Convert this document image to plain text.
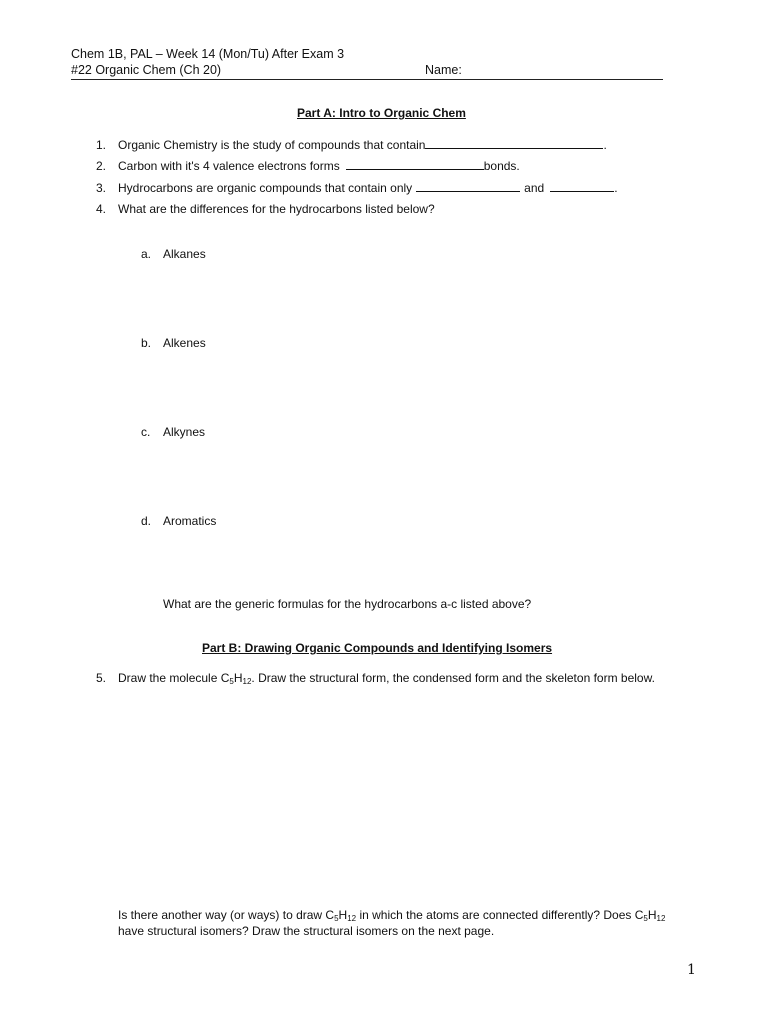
Chem 1B, PAL – Week 14 (Mon/Tu) After Exam 3
#22 Organic Chem (Ch 20)	Name:
Part A: Intro to Organic Chem
1. Organic Chemistry is the study of compounds that contain	.
2. Carbon with it's 4 valence electrons forms	bonds.
3. Hydrocarbons are organic compounds that contain only	and	.
4. What are the differences for the hydrocarbons listed below?
a. Alkanes
b. Alkenes
c. Alkynes
d. Aromatics
What are the generic formulas for the hydrocarbons a-c listed above?
Part B: Drawing Organic Compounds and Identifying Isomers
5. Draw the molecule $C_5H_{12}$. Draw the structural form, the condensed form and the skeleton form below.
Is there another way (or ways) to draw $C_5H_{12}$ in which the atoms are connected differently? Does $C_5H_{12}$
have structural isomers? Draw the structural isomers on the next page.
1
